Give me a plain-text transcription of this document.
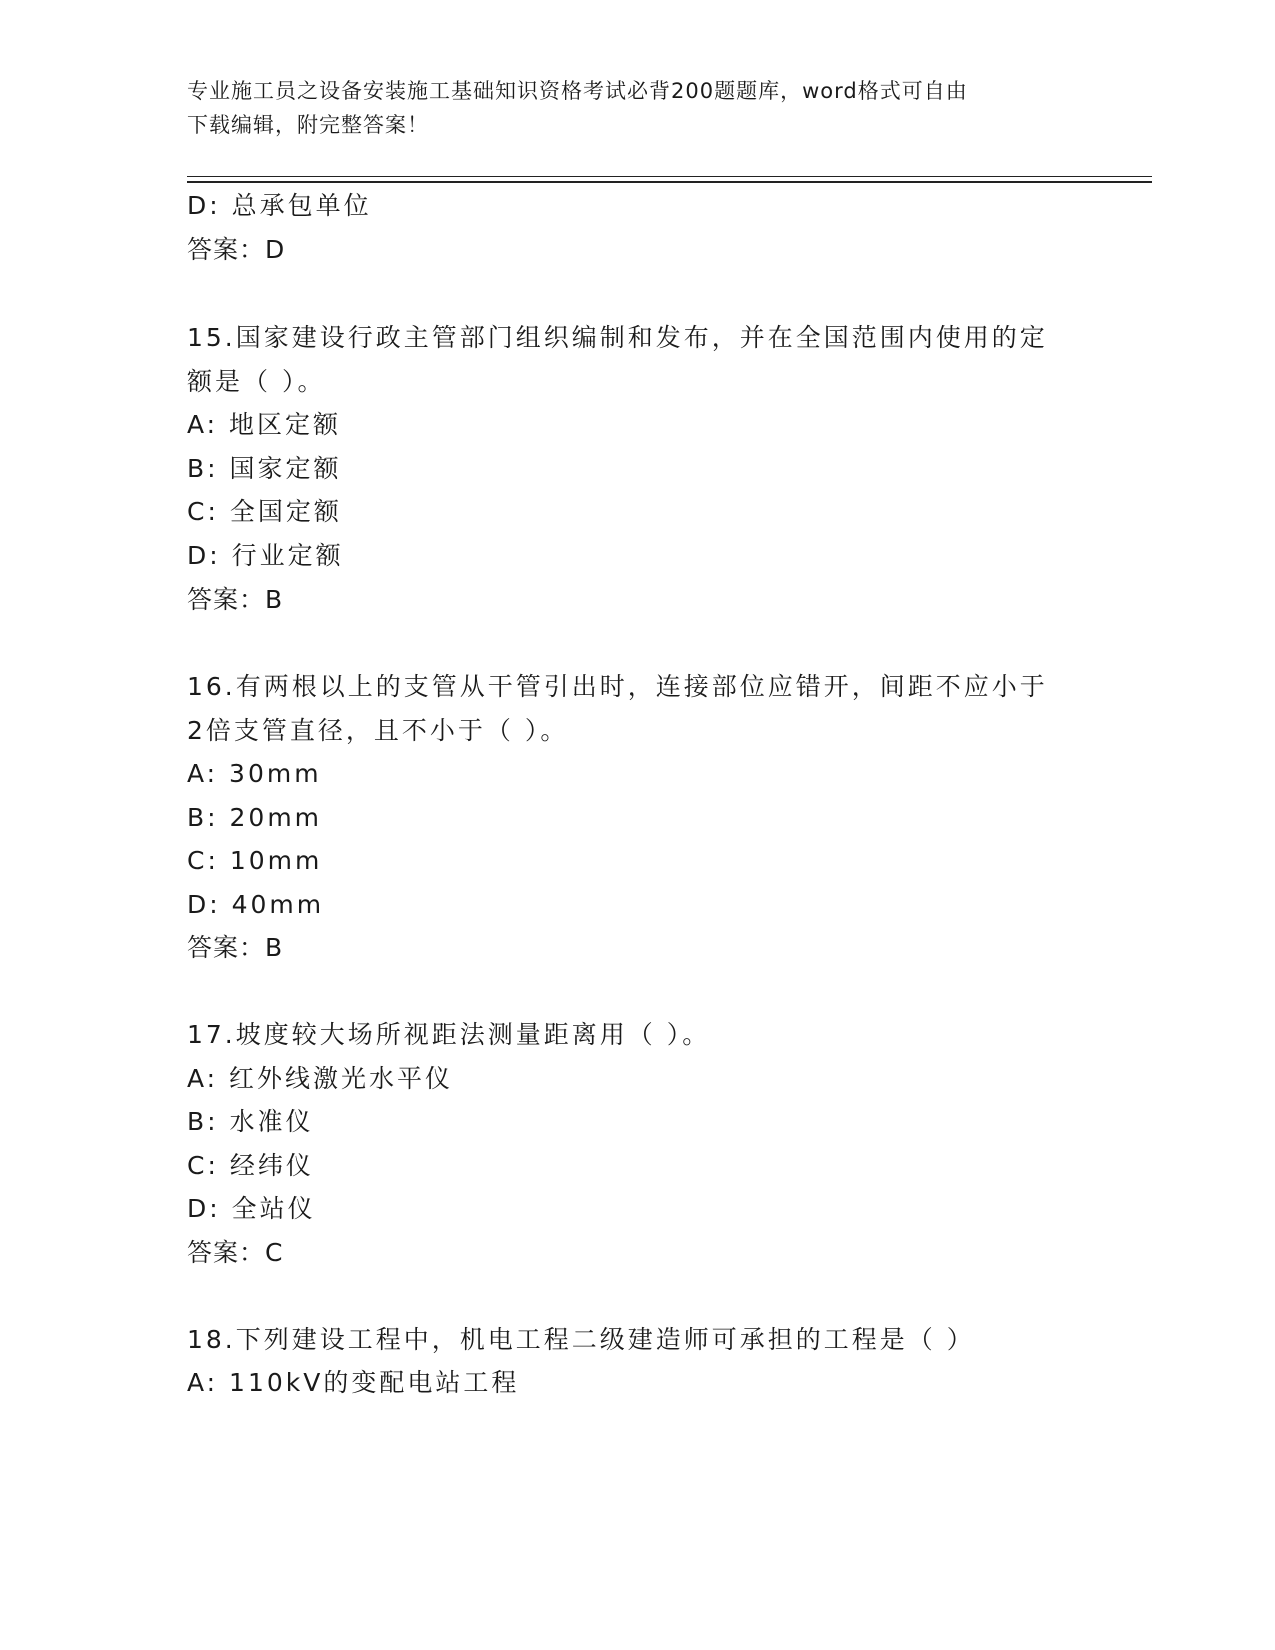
专业施工员之设备安装施工基础知识资格考试必背200题题库，word格式可自由
下载编辑，附完整答案！
D: 总承包单位
答案：D
15.国家建设行政主管部门组织编制和发布，并在全国范围内使用的定
额是（ ）。
A: 地区定额
B: 国家定额
C: 全国定额
D: 行业定额
答案：B
16.有两根以上的支管从干管引出时，连接部位应错开，间距不应小于
2倍支管直径，且不小于（ ）。
A: 30mm
B: 20mm
C: 10mm
D: 40mm
答案：B
17.坡度较大场所视距法测量距离用（ ）。
A: 红外线激光水平仪
B: 水准仪
C: 经纬仪
D: 全站仪
答案：C
18.下列建设工程中，机电工程二级建造师可承担的工程是（ ）
A: 110kV的变配电站工程
